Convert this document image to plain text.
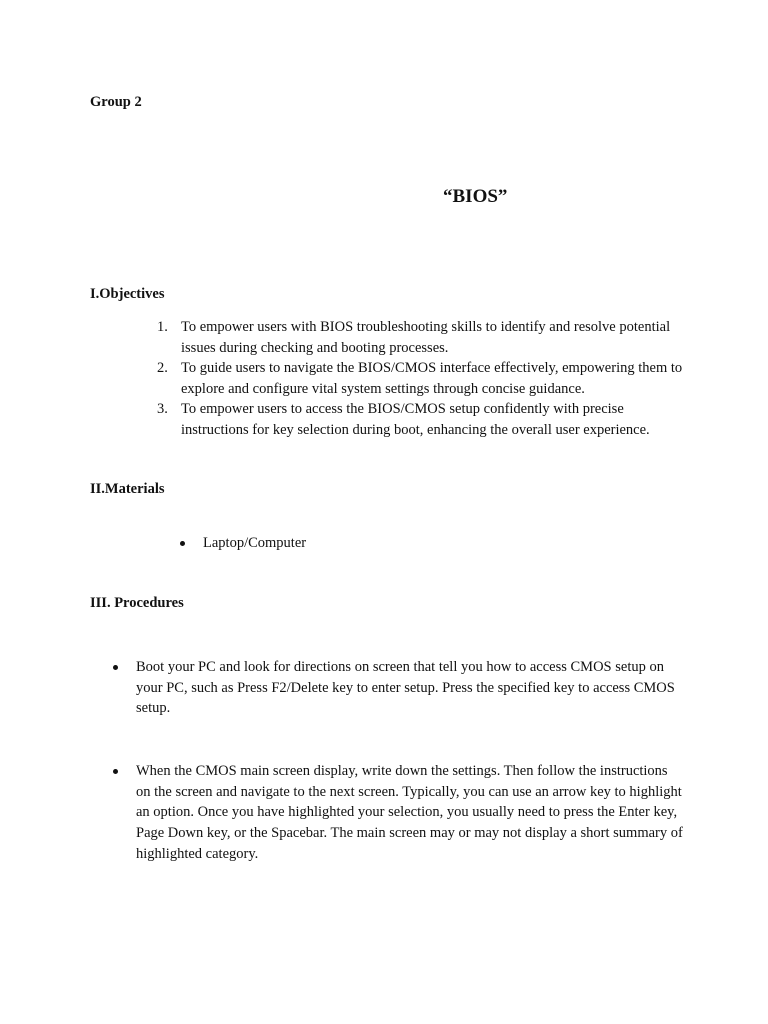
Group 2
“BIOS”
I.Objectives
1. To empower users with BIOS troubleshooting skills to identify and resolve potential issues during checking and booting processes.
2. To guide users to navigate the BIOS/CMOS interface effectively, empowering them to explore and configure vital system settings through concise guidance.
3. To empower users to access the BIOS/CMOS setup confidently with precise instructions for key selection during boot, enhancing the overall user experience.
II.Materials
Laptop/Computer
III. Procedures
Boot your PC and look for directions on screen that tell you how to access CMOS setup on your PC, such as Press F2/Delete key to enter setup. Press the specified key to access CMOS setup.
When the CMOS main screen display, write down the settings. Then follow the instructions on the screen and navigate to the next screen. Typically, you can use an arrow key to highlight an option. Once you have highlighted your selection, you usually need to press the Enter key, Page Down key, or the Spacebar. The main screen may or may not display a short summary of highlighted category.
